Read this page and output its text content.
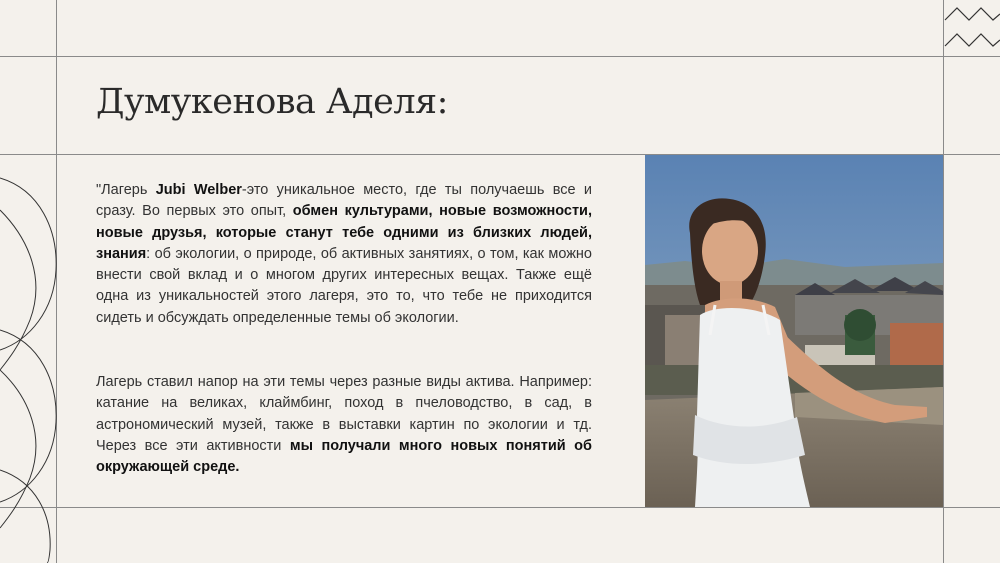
Думукенова Аделя:
"Лагерь Jubi Welber-это уникальное место, где ты получаешь все и сразу. Во первых это опыт, обмен культурами, новые возможности, новые друзья, которые станут тебе одними из близких людей, знания: об экологии, о природе, об активных занятиях, о том, как можно внести свой вклад и о многом других интересных вещах. Также ещё одна из уникальностей этого лагеря, это то, что тебе не приходится сидеть и обсуждать определенные темы об экологии.
Лагерь ставил напор на эти темы через разные виды актива. Например: катание на великах, клаймбинг, поход в пчеловодство, в сад, в астрономический музей, также в выставки картин по экологии и тд. Через все эти активности мы получали много новых понятий об окружающей среде.
